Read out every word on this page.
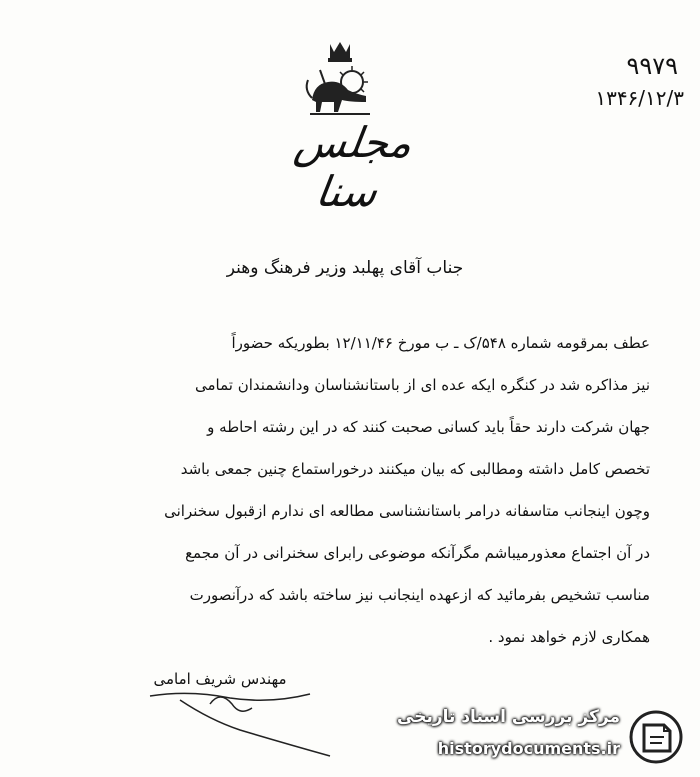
۹۹۷۹
۱۳۴۶/۱۲/۳
مجلس سنا
جناب آقای پهلبد وزیر فرهنگ وهنر
عطف بمرقومه شماره ۵۴۸/ک ـ ب مورخ ۱۲/۱۱/۴۶ بطوریکه حضوراً
نیز مذاکره شد در کنگره ایکه عده ای از باستانشناسان ودانشمندان تمامی
جهان شرکت دارند حقاً باید کسانی صحبت کنند که در این رشته احاطه و
تخصص کامل داشته ومطالبی که بیان میکنند درخوراستماع چنین جمعی باشد
وچون اینجانب متاسفانه درامر باستانشناسی مطالعه ای ندارم ازقبول سخنرانی
در آن اجتماع معذورمیباشم مگرآنکه موضوعی رابرای سخنرانی در آن مجمع
مناسب تشخیص بفرمائید که ازعهده اینجانب نیز ساخته باشد که درآنصورت
همکاری لازم خواهد نمود .
مهندس شریف امامی
مرکز بررسی اسناد تاریخی
historydocuments.ir
